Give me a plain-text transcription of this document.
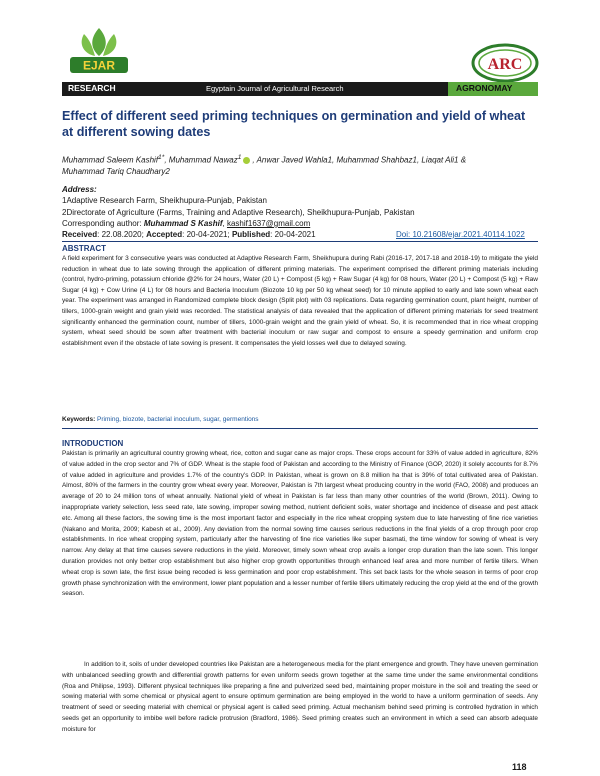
EJAR	ARC
RESEARCH	Egyptain Journal of Agricultural Research	AGRONOMAY
Effect of different seed priming techniques on germination and yield of wheat at different sowing dates

Muhammad Saleem Kashif$^{1*}$, Muhammad Nawaz$^1$ , Anwar Javed Wahla1, Muhammad Shahbaz1, Liaqat Ali1 &
Muhammad Tariq Chaudhary2

Address:
1Adaptive Research Farm, Sheikhupura-Punjab, Pakistan
2Directorate of Agriculture (Farms, Training and Adaptive Research), Sheikhupura-Punjab, Pakistan
Corresponding author: Muhammad S Kashif, kashif1637@gmail.com
Received: 22.08.2020; Accepted: 20-04-2021; Published: 20-04-2021	Doi: 10.21608/ejar.2021.40114.1022
ABSTRACT

A field experiment for 3 consecutive years was conducted at Adaptive Research Farm, Sheikhupura during Rabi (2016-17, 2017-18 and 2018-19) to mitigate the yield reduction in wheat due to late sowing through the application of different priming materials. The experiment comprised the different priming materials including (control, hydro-priming, potassium chloride @2% for 24 hours, Water (20 L) + Compost (5 kg) + Raw Sugar (4 kg) for 08 hours, Water (20 L) + Compost (5 kg) + Raw Sugar (4 kg) + Cow Urine (4 L) for 08 hours and Bacteria Inoculum (Biozote 10 kg per 50 kg wheat seed) for 10 minute applied to early and late sown wheat each year. The experiment was arranged in Randomized complete block design (Split plot) with 03 replications. Data regarding germination count, plant height, number of tillers, 1000-grain weight and grain yield was recorded. The statistical analysis of data revealed that the application of different priming materials for seed treatment significantly enhanced the germination count, number of tillers, 1000-grain weight and the grain yield of wheat. So, it is recommended that in rice wheat cropping system, wheat seed should be sown after treatment with bacterial inoculum or raw sugar and compost to ensure a speedy germination and uniform crop establishment even if the obstacle of late sowing is present. It compensates the yield losses well due to delayed sowing.

Keywords: Priming, biozote, bacterial inoculum, sugar, germentions

INTRODUCTION

Pakistan is primarily an agricultural country growing wheat, rice, cotton and sugar cane as major crops. These crops account for 33% of value added in agriculture, 82% of value added in the crop sector and 7% of GDP. Wheat is the staple food of Pakistan and according to the Ministry of Finance (GOP, 2020) it solely accounts for 8.7% of value added in agriculture and provides 1.7% of the country's GDP. In Pakistan, wheat is grown on 8.8 million ha that is 39% of total cultivated area of Pakistan. Almost, 80% of the farmers in the country grow wheat every year. Moreover, Pakistan is 7th largest wheat producing country in the world (FAO, 2008) and produces an average of 20 to 24 million tons of wheat annually. National yield of wheat in Pakistan is far less than many other countries of the world (Brown, 2011). Owing to inappropriate variety selection, less seed rate, late sowing, improper sowing method, nutrient deficient soils, water shortage and incidence of disease and pest attack etc. Among all these factors, the sowing time is the most important factor and especially in the rice wheat cropping system due to late harvesting of fine rice varieties (Nakano and Morita, 2009; Kabesh et al., 2009). Any deviation from the normal sowing time causes serious reductions in the final yields of a crop through poor crop establishments. In rice wheat cropping system, particularly after the harvesting of fine rice varieties like super basmati, the time window for sowing of wheat is very narrow. Any delay at that time causes severe reductions in the yield. Moreover, timely sown wheat crop avails a longer crop duration than the late sown. This longer duration provides not only better crop establishment but also higher crop growth opportunities through enhanced leaf area and more number of fertile tillers. When wheat crop is sown late, the first issue being recoded is less germination and poor crop establishment. This set back lasts for the whole season in terms of poor crop growth phase synchronization with the environment, lower plant population and a lesser number of fertile tillers ultimately reducing the crop yield at the end of the growth season.

In addition to it, soils of under developed countries like Pakistan are a heterogeneous media for the plant emergence and growth. They have uneven germination with unbalanced seedling growth and differential growth patterns for even uniform seeds grown together at the same time under the same environmental conditions (Roa and Philipse, 1993). Different physical techniques like preparing a fine and pulverized seed bed, maintaining proper moisture in the soil and treating the seed or sowing material with some chemical or physical agent to ensure optimum germination are being employed in the world to have a uniform germination of seeds. Any treatment of seed or seeding material with chemical or physical agent is called seed priming. Actual mechanism behind seed priming is controlled hydration in which seeds get an opportunity to imbibe well before radicle protrusion (Bradford, 1986). Seed priming creates such an environment in which a seed can absorb adequate moisture for

118
